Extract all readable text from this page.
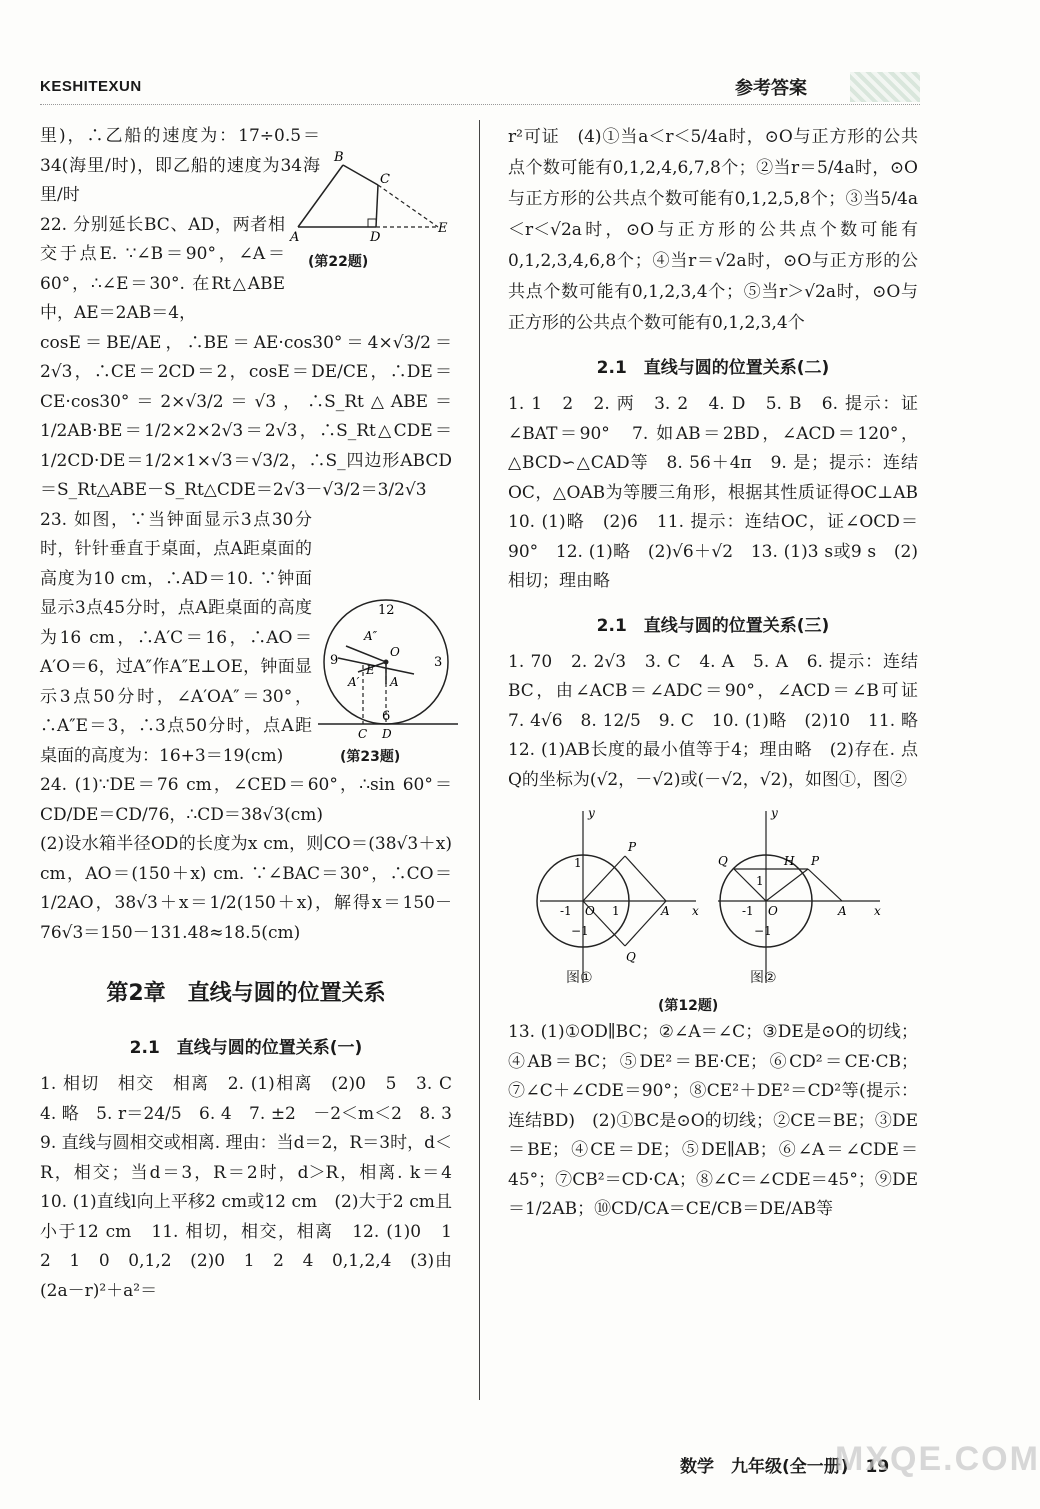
KESHITEXUN	参考答案

里)，∴乙船的速度为：17÷0.5＝34(海里/时)，即乙船的速度为34海里/时

22. 分别延长BC、AD，两者相交于点E. ∵∠B＝90°，∠A＝60°，∴∠E＝30°. 在Rt△ABE中，AE＝2AB＝4，

cosE＝BE/AE，∴BE＝AE·cos30°＝4×√3/2＝2√3，∴CE＝2CD＝2，cosE＝DE/CE，∴DE＝CE·cos30°＝2×√3/2＝√3，∴S_Rt△ABE＝1/2AB·BE＝1/2×2×2√3＝2√3，∴S_Rt△CDE＝1/2CD·DE＝1/2×1×√3＝√3/2，∴S_四边形ABCD＝S_Rt△ABE－S_Rt△CDE＝2√3－√3/2＝3/2√3

23. 如图，∵当钟面显示3点30分时，针针垂直于桌面，点A距桌面的高度为10 cm，∴AD＝10. ∵钟面显示3点45分时，点A距桌面的高度为16 cm，∴A′C＝16，∴AO＝A′O＝6，过A″作A″E⊥OE，钟面显示3点50分时，∠A′OA″＝30°，∴A″E＝3，∴3点50分时，点A距桌面的高度为：16+3＝19(cm)

24. (1)∵DE＝76 cm，∠CED＝60°，∴sin 60°＝CD/DE＝CD/76，∴CD＝38√3(cm)

(2)设水箱半径OD的长度为x cm，则CO＝(38√3＋x) cm，AO＝(150＋x) cm. ∵∠BAC＝30°，∴CO＝1/2AO，38√3＋x＝1/2(150＋x)，解得x＝150－76√3＝150－131.48≈18.5(cm)

第2章　直线与圆的位置关系
2.1　直线与圆的位置关系(一)

1. 相切　相交　相离　2. (1)相离　(2)0　5　3. C　4. 略　5. r＝24/5　6. 4　7. ±2　－2＜m＜2　8. 3　9. 直线与圆相交或相离. 理由：当d＝2，R＝3时，d＜R，相交；当d＝3，R＝2时，d＞R，相离. k＝4　10. (1)直线l向上平移2 cm或12 cm　(2)大于2 cm且小于12 cm　11. 相切，相交，相离　12. (1)0　1　2　1　0　0,1,2　(2)0　1　2　4　0,1,2,4　(3)由(2a－r)²＋a²＝

B
C
A	D
E
(第22题)
12
9	3
6
A″
A′
O
E
A
C D
(第23题)

r²可证　(4)①当a＜r＜5/4a时，⊙O与正方形的公共点个数可能有0,1,2,4,6,7,8个；②当r＝5/4a时，⊙O与正方形的公共点个数可能有0,1,2,5,8个；③当5/4a＜r＜√2a时，⊙O与正方形的公共点个数可能有0,1,2,3,4,6,8个；④当r＝√2a时，⊙O与正方形的公共点个数可能有0,1,2,3,4个；⑤当r＞√2a时，⊙O与正方形的公共点个数可能有0,1,2,3,4个

2.1　直线与圆的位置关系(二)

1. 1　2　2. 两　3. 2　4. D　5. B　6. 提示：证∠BAT＝90°　7. 如AB＝2BD，∠ACD＝120°，△BCD∽△CAD等　8. 56＋4π　9. 是；提示：连结OC，△OAB为等腰三角形，根据其性质证得OC⊥AB　10. (1)略　(2)6　11. 提示：连结OC，证∠OCD＝90°　12. (1)略　(2)√6＋√2　13. (1)3 s或9 s　(2)相切；理由略

2.1　直线与圆的位置关系(三)

1. 70　2. 2√3　3. C　4. A　5. A　6. 提示：连结BC，由∠ACB＝∠ADC＝90°，∠ACD＝∠B可证　7. 4√6　8. 12/5　9. C　10. (1)略　(2)10　11. 略　12. (1)AB长度的最小值等于4；理由略　(2)存在. 点Q的坐标为(√2，－√2)或(－√2，√2)，如图①，图②

y
P
x
A
Q
O 1
-1
−1
1
y
Q	H P
x
A
O
1
-1
−1
图①	图②
(第12题)

13. (1)①OD∥BC；②∠A＝∠C；③DE是⊙O的切线；④AB＝BC；⑤DE²＝BE·CE；⑥CD²＝CE·CB；⑦∠C＋∠CDE＝90°；⑧CE²＋DE²＝CD²等(提示：连结BD)　(2)①BC是⊙O的切线；②CE＝BE；③DE＝BE；④CE＝DE；⑤DE∥AB；⑥∠A＝∠CDE＝45°；⑦CB²＝CD·CA；⑧∠C＝∠CDE＝45°；⑨DE＝1/2AB；⑩CD/CA＝CE/CB＝DE/AB等

数学　九年级(全一册)　19
MXQE.COM
